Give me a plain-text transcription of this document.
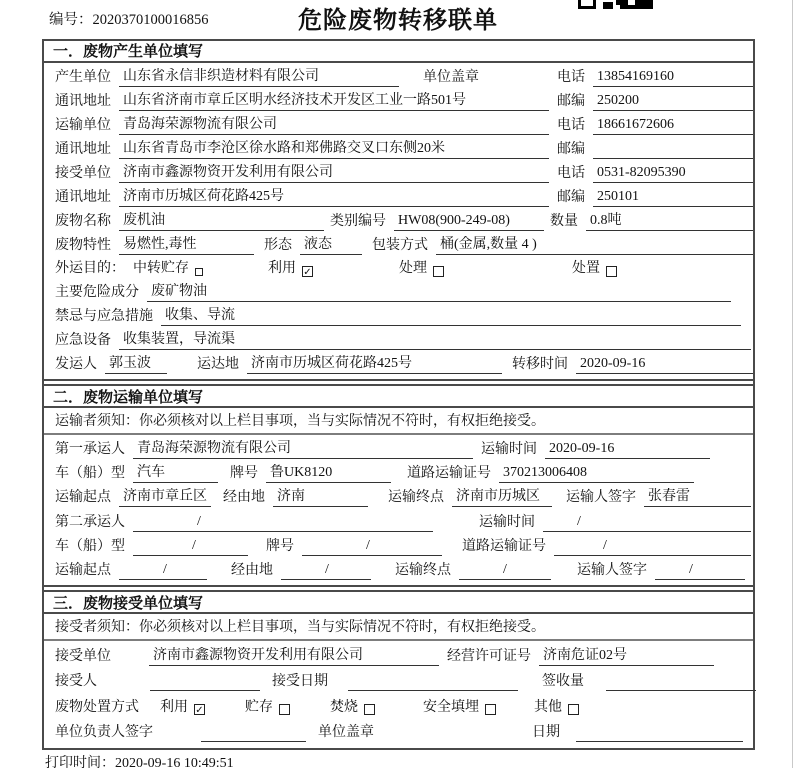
编号：2020370100016856	危险废物转移联单
一．废物产生单位填写
产生单位 山东省永信非织造材料有限公司	单位盖章	电话 13854169160
通讯地址 山东省济南市章丘区明水经济技术开发区工业一路501号	邮编 250200
运输单位 青岛海荣源物流有限公司	电话 18661672606
通讯地址 山东省青岛市李沧区徐水路和郑佛路交叉口东侧20米	邮编
接受单位 济南市鑫源物资开发利用有限公司	电话 0531-82095390
通讯地址 济南市历城区荷花路425号	邮编 250101
废物名称 废机油	类别编号 HW08(900-249-08)	数量 0.8吨
废物特性 易燃性,毒性	形态 液态	包装方式 桶(金属,数量 4 )
外运目的： 中转贮存	利用 ✓	处理	处置
主要危险成分 废矿物油
禁忌与应急措施 收集、导流
应急设备 收集装置，导流渠
发运人 郭玉波	运达地 济南市历城区荷花路425号	转移时间 2020-09-16
二．废物运输单位填写
运输者须知：你必须核对以上栏目事项，当与实际情况不符时，有权拒绝接受。
第一承运人 青岛海荣源物流有限公司	运输时间 2020-09-16
车（船）型 汽车	牌号 鲁UK8120	道路运输证号 370213006408
运输起点 济南市章丘区 经由地 济南	运输终点 济南市历城区	运输人签字 张春雷
第二承运人	/	运输时间	/
车（船）型	/	牌号	/	道路运输证号	/
运输起点	/	经由地	/	运输终点	/	运输人签字	/
三．废物接受单位填写
接受者须知：你必须核对以上栏目事项，当与实际情况不符时，有权拒绝接受。
接受单位	济南市鑫源物资开发利用有限公司	经营许可证号 济南危证02号
接受人	接受日期	签收量
废物处置方式 利用 ✓	贮存	焚烧	安全填埋	其他
单位负责人签字	单位盖章	日期
打印时间：2020-09-16 10:49:51
